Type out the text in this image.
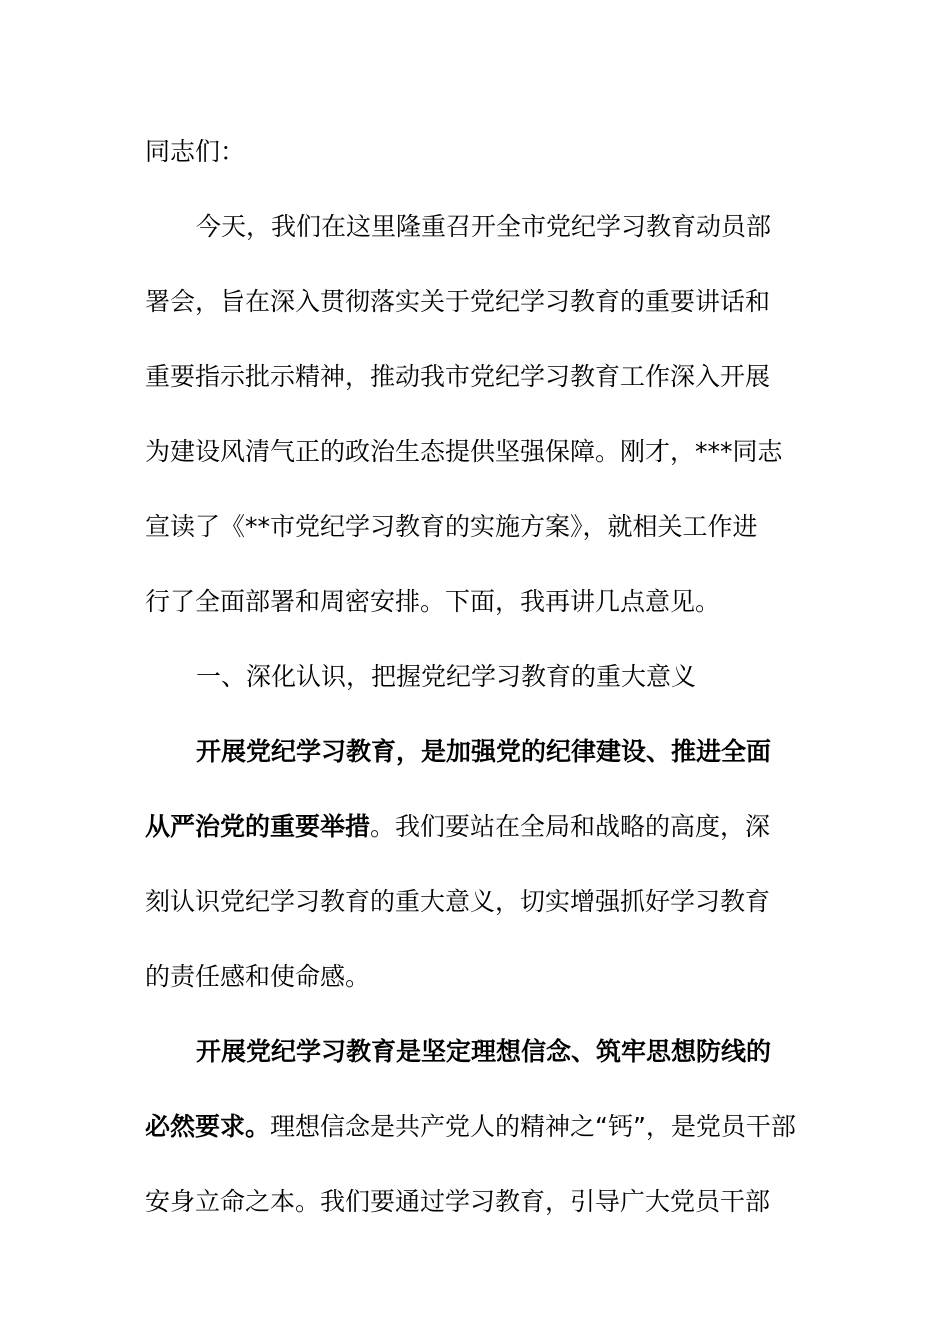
同志们：
今天，我们在这里隆重召开全市党纪学习教育动员部
署会，旨在深入贯彻落实关于党纪学习教育的重要讲话和
重要指示批示精神，推动我市党纪学习教育工作深入开展
为建设风清气正的政治生态提供坚强保障。刚才，***同志
宣读了《**市党纪学习教育的实施方案》，就相关工作进
行了全面部署和周密安排。下面，我再讲几点意见。
一、深化认识，把握党纪学习教育的重大意义
开展党纪学习教育，是加强党的纪律建设、推进全面
从严治党的重要举措。我们要站在全局和战略的高度，深
刻认识党纪学习教育的重大意义，切实增强抓好学习教育
的责任感和使命感。
开展党纪学习教育是坚定理想信念、筑牢思想防线的
必然要求。理想信念是共产党人的精神之“钙”，是党员干部
安身立命之本。我们要通过学习教育，引导广大党员干部
